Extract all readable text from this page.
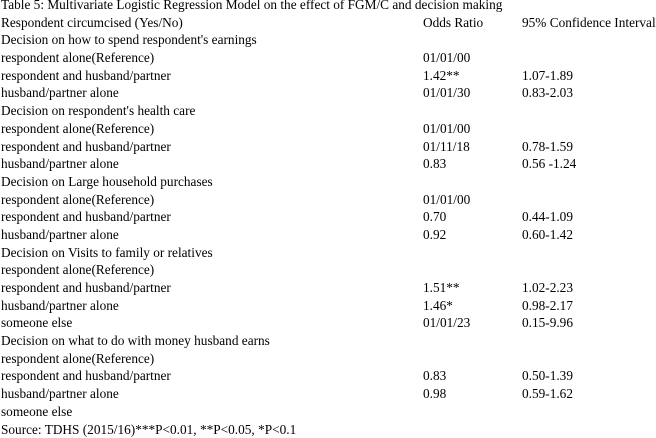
Table 5: Multivariate Logistic Regression Model on the effect of FGM/C and decision making
Respondent circumcised (Yes/No)	Odds Ratio	95% Confidence Interval
Decision on how to spend respondent's earnings
respondent alone(Reference)	01/01/00
respondent and husband/partner	1.42**	1.07-1.89
husband/partner alone	01/01/30	0.83-2.03
Decision on respondent's health care
respondent alone(Reference)	01/01/00
respondent and husband/partner	01/11/18	0.78-1.59
husband/partner alone	0.83	0.56 -1.24
Decision on Large household purchases
respondent alone(Reference)	01/01/00
respondent and husband/partner	0.70	0.44-1.09
husband/partner alone	0.92	0.60-1.42
Decision on Visits to family or relatives
respondent alone(Reference)
respondent and husband/partner	1.51**	1.02-2.23
husband/partner alone	1.46*	0.98-2.17
someone else	01/01/23	0.15-9.96
Decision on what to do with money husband earns
respondent alone(Reference)
respondent and husband/partner	0.83	0.50-1.39
husband/partner alone	0.98	0.59-1.62
someone else
Source: TDHS (2015/16)***P<0.01, **P<0.05, *P<0.1
